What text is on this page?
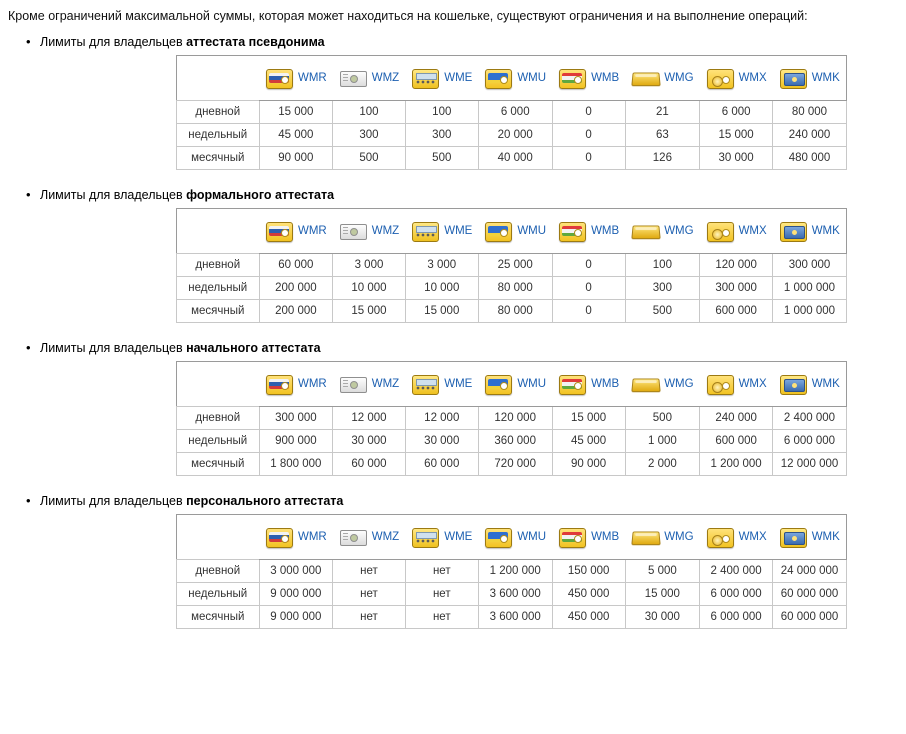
Кроме ограничений максимальной суммы, которая может находиться на кошельке, существуют ограничения и на выполнение операций:

• Лимиты для владельцев аттестата псевдонима

	WMR	WMZ	WME	WMU	WMB	WMG	WMX	WMK

дневной	15 000	100	100	6 000	0	21	6 000	80 000
недельный	45 000	300	300	20 000	0	63	15 000	240 000
месячный	90 000	500	500	40 000	0	126	30 000	480 000
• Лимиты для владельцев формального аттестата

	WMR	WMZ	WME	WMU	WMB	WMG	WMX	WMK

дневной	60 000	3 000	3 000	25 000	0	100	120 000	300 000
недельный	200 000	10 000	10 000	80 000	0	300	300 000	1 000 000
месячный	200 000	15 000	15 000	80 000	0	500	600 000	1 000 000
• Лимиты для владельцев начального аттестата

	WMR	WMZ	WME	WMU	WMB	WMG	WMX	WMK

дневной	300 000	12 000	12 000	120 000	15 000	500	240 000	2 400 000
недельный	900 000	30 000	30 000	360 000	45 000	1 000	600 000	6 000 000
месячный	1 800 000	60 000	60 000	720 000	90 000	2 000	1 200 000	12 000 000
• Лимиты для владельцев персонального аттестата

	WMR	WMZ	WME	WMU	WMB	WMG	WMX	WMK

дневной	3 000 000	нет	нет	1 200 000	150 000	5 000	2 400 000	24 000 000
недельный	9 000 000	нет	нет	3 600 000	450 000	15 000	6 000 000	60 000 000
месячный	9 000 000	нет	нет	3 600 000	450 000	30 000	6 000 000	60 000 000
